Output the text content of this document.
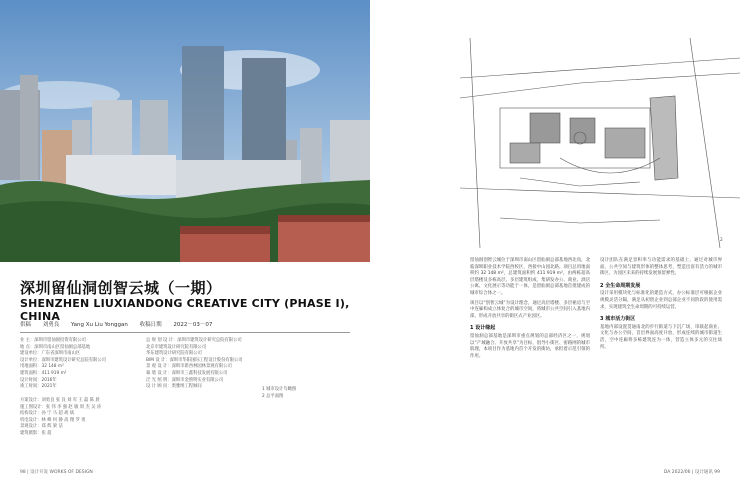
深圳留仙洞创智云城（一期）
SHENZHEN LIUXIANDONG CREATIVE CITY (PHASE I), CHINA
供稿 刘勇良 Yang Xu Liu Yonggan 收稿日期 2022－03－07
业 主：深圳市留仙洞投资有限公司
地 点：深圳市南山区留仙洞总部基地
建设单位：广东省深圳市南山区
设计单位：深圳市建筑设计研究总院有限公司
用地面积：32 148 m²
建筑面积：411 919 m²
设计时间：2016年
竣工时间：2021年
方案设计：刘勇良 张 良 刘 军 王 磊 陈 晨
施工图设计：张 伟 李 强 赵 敏 周 杰 吴 涛
结构设计：孙 宁 马 超 胡 斌
机电设计：林 峰 何 静 高 翔 罗 勇
景观设计：郑 辉 梁 洁
建筑摄影：张 超
总 规 划 设 计：深圳市建筑设计研究总院有限公司
北京市建筑设计研究院有限公司
华东建筑设计研究院有限公司
BIM 设 计：深圳市华阳国际工程设计股份有限公司
景 观 设 计：深圳市新西林园林景观有限公司
幕 墙 设 计：深圳市三鑫科技发展有限公司
泛 光 照 明：深圳市金照明实业有限公司
设 计 顾 问：奥雅纳工程顾问
1 城市设计鸟瞰图
2 总平面图
98 | 设计开发 WORKS OF DESIGN
2

留仙洞创智云城位于深圳市南山区留仙洞总部基地西北角，北临深圳职业技术学院西校区，西接中山园北路。项目总用地面积约 32 148 m²，总建筑面积约 411 919 m²，由两栋超高层塔楼及多栋高层、多层建筑组成，集研发办公、商业、酒店公寓、文化展示等功能于一体，是留仙洞总部基地首批建成的城市综合体之一。

项目以“创智云城”为设计理念，通过高层塔楼、多层裙房与空中连廊构成立体复合的城市空间，将城市公共空间引入基地内部，形成开放共享的街区式产业园区。

1 设计缘起

留仙洞总部基地是深圳市重点规划的总部经济区之一，规划以“产城融合、开放共享”为目标，倡导小街区、密路网的城市肌理，本项目作为基地内首个开发的街坊，承担着示范引领的作用。

设计团队在满足容积率与功能需求的基础上，通过对城市界面、公共空间与建筑形体的整体思考，塑造出富有活力的城市街区，为园区未来的持续发展预留弹性。

2 全生命周期发展

设计采用模块化与标准化的建造方式，办公标准层可根据企业规模灵活分隔，满足从初创企业到总部企业不同阶段的使用需求，实现建筑全生命周期的可持续运营。

3 城市活力街区

基地内部设置贯通南北的步行街道与下沉广场，串联起商业、文化与办公空间，首层界面高度开放，形成连续的城市街道生活，空中连廊将多栋建筑连为一体，营造立体多元的交往场所。

DA 2022/06 | 设计通讯 99
